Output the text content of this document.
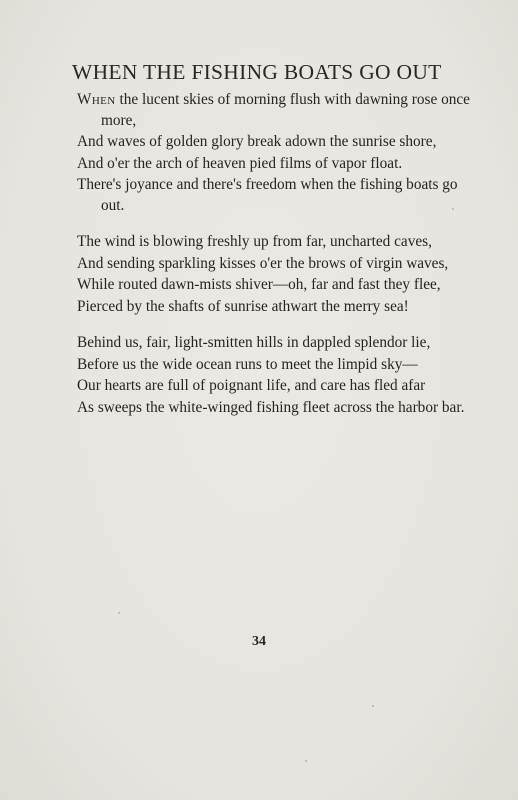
WHEN THE FISHING BOATS GO OUT

When the lucent skies of morning flush with dawning rose once more,

And waves of golden glory break adown the sunrise shore,

And o'er the arch of heaven pied films of vapor float.

There's joyance and there's freedom when the fishing boats go out.

The wind is blowing freshly up from far, uncharted caves,

And sending sparkling kisses o'er the brows of virgin waves,

While routed dawn-mists shiver—oh, far and fast they flee,

Pierced by the shafts of sunrise athwart the merry sea!

Behind us, fair, light-smitten hills in dappled splendor lie,

Before us the wide ocean runs to meet the limpid sky—

Our hearts are full of poignant life, and care has fled afar

As sweeps the white-winged fishing fleet across the harbor bar.

34
